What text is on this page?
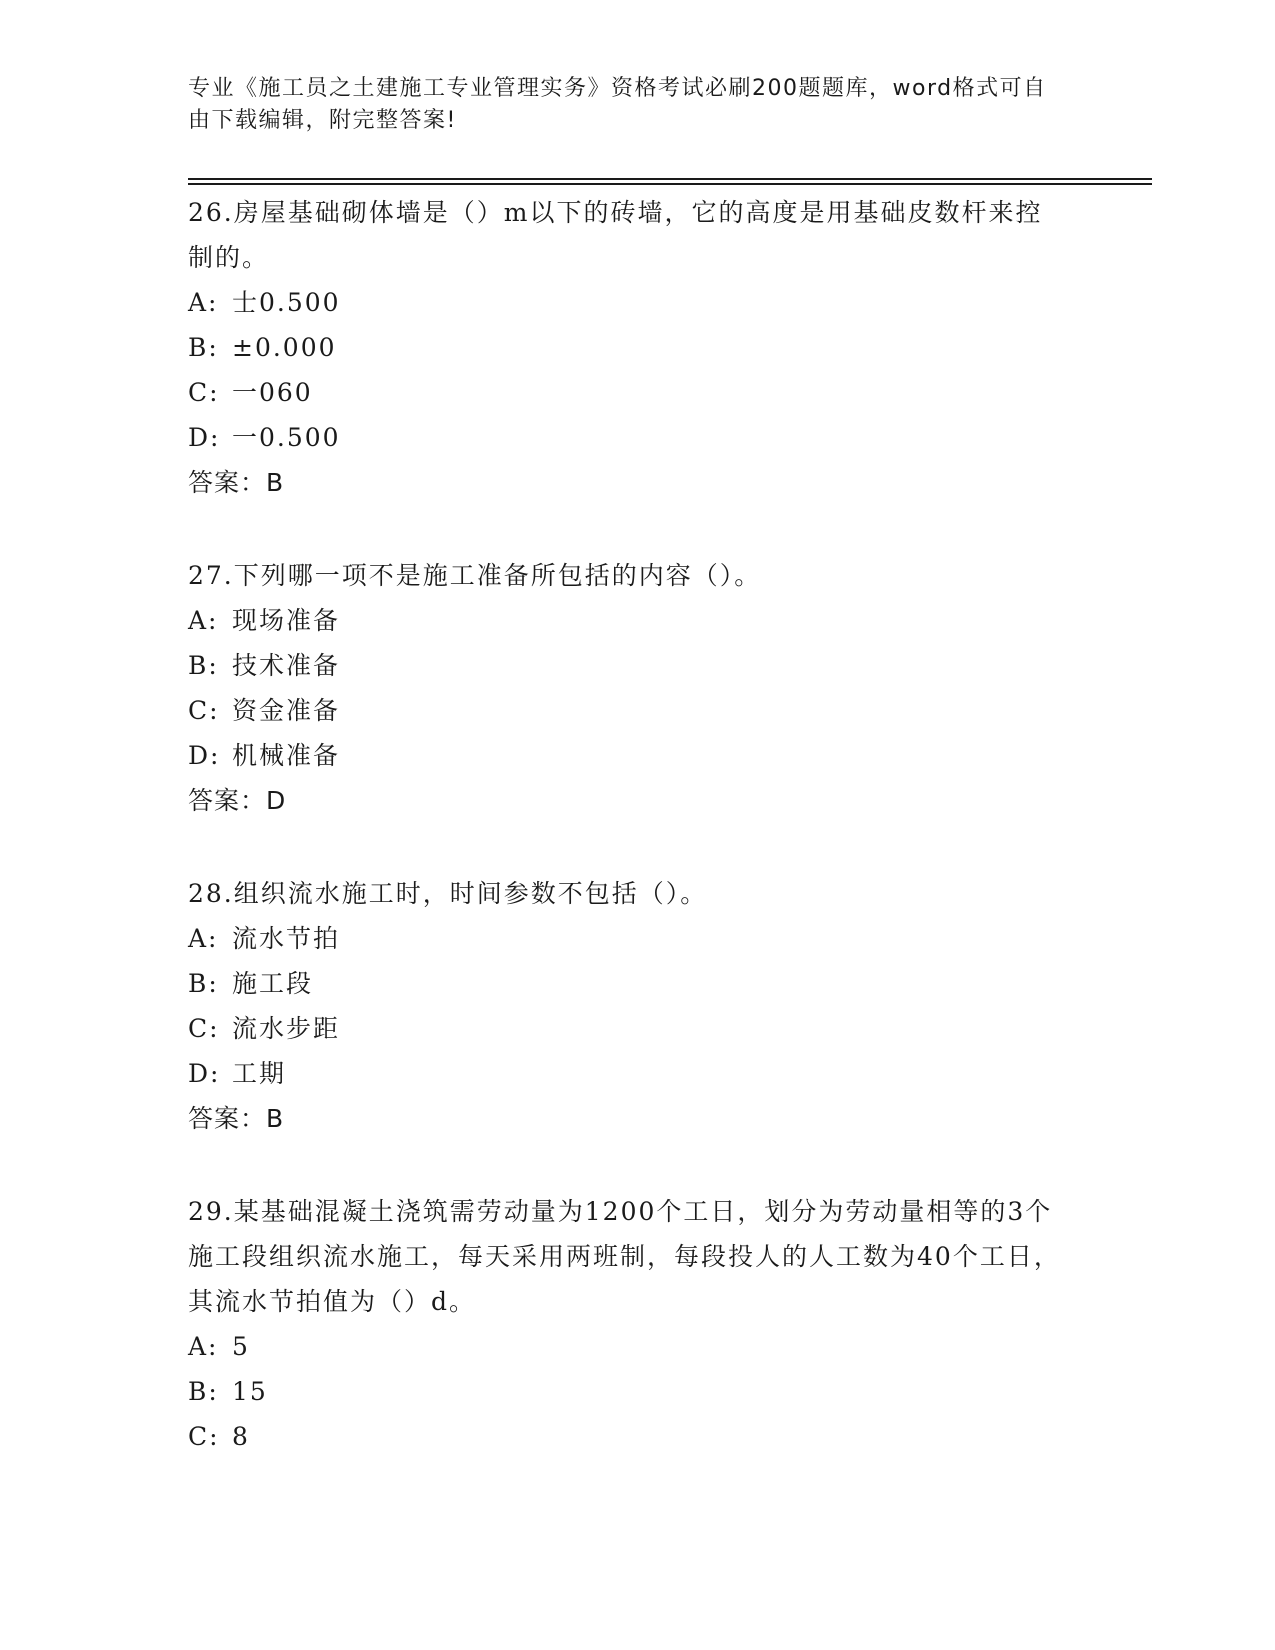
专业《施工员之土建施工专业管理实务》资格考试必刷200题题库，word格式可自由下载编辑，附完整答案!

26.房屋基础砌体墙是（）m以下的砖墙，它的高度是用基础皮数杆来控制的。

A: 士0.500

B: ±0.000

C: 一060

D: 一0.500

答案：B

27.下列哪一项不是施工准备所包括的内容（）。

A: 现场准备

B: 技术准备

C: 资金准备

D: 机械准备

答案：D

28.组织流水施工时，时间参数不包括（）。

A: 流水节拍

B: 施工段

C: 流水步距

D: 工期

答案：B

29.某基础混凝土浇筑需劳动量为1200个工日，划分为劳动量相等的3个施工段组织流水施工，每天采用两班制，每段投人的人工数为40个工日，其流水节拍值为（）d。

A: 5

B: 15

C: 8
